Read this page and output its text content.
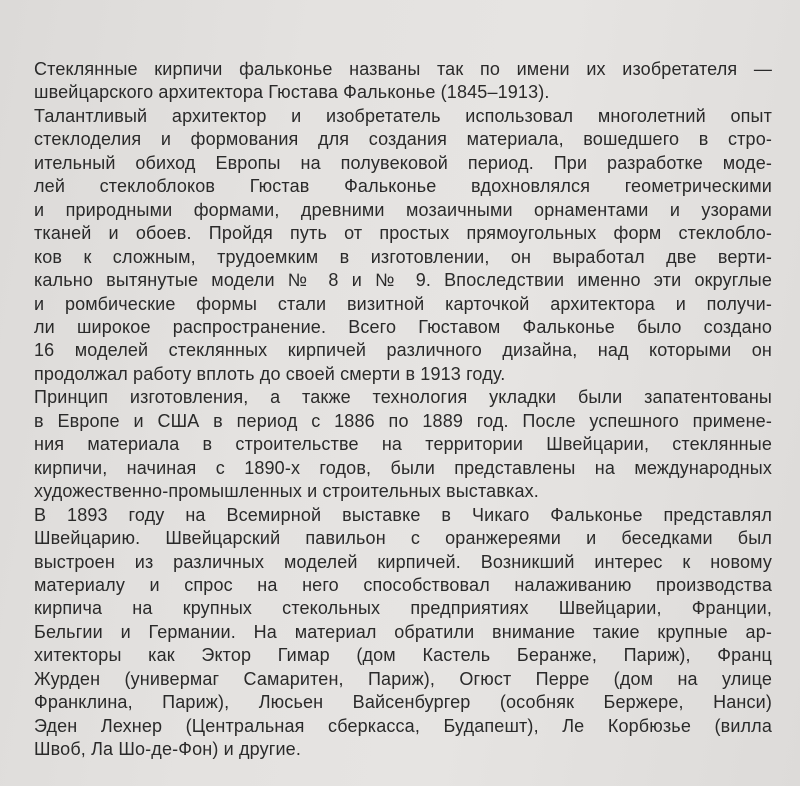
Стеклянные кирпичи фальконье названы так по имени их изобретателя —
швейцарского архитектора Гюстава Фальконье (1845–1913).
Талантливый архитектор и изобретатель использовал многолетний опыт
стеклоделия и формования для создания материала, вошедшего в стро-
ительный обиход Европы на полувековой период. При разработке моде-
лей стеклоблоков Гюстав Фальконье вдохновлялся геометрическими
и природными формами, древними мозаичными орнаментами и узорами
тканей и обоев. Пройдя путь от простых прямоугольных форм стеклобло-
ков к сложным, трудоемким в изготовлении, он выработал две верти-
кально вытянутые модели № 8 и № 9. Впоследствии именно эти округлые
и ромбические формы стали визитной карточкой архитектора и получи-
ли широкое распространение. Всего Гюставом Фальконье было создано
16 моделей стеклянных кирпичей различного дизайна, над которыми он
продолжал работу вплоть до своей смерти в 1913 году.
Принцип изготовления, а также технология укладки были запатентованы
в Европе и США в период с 1886 по 1889 год. После успешного примене-
ния материала в строительстве на территории Швейцарии, стеклянные
кирпичи, начиная с 1890-х годов, были представлены на международных
художественно-промышленных и строительных выставках.
В 1893 году на Всемирной выставке в Чикаго Фальконье представлял
Швейцарию. Швейцарский павильон с оранжереями и беседками был
выстроен из различных моделей кирпичей. Возникший интерес к новому
материалу и спрос на него способствовал налаживанию производства
кирпича на крупных стекольных предприятиях Швейцарии, Франции,
Бельгии и Германии. На материал обратили внимание такие крупные ар-
хитекторы как Эктор Гимар (дом Кастель Беранже, Париж), Франц
Журден (универмаг Самаритен, Париж), Огюст Перре (дом на улице
Франклина, Париж), Люсьен Вайсенбургер (особняк Бержере, Нанси)
Эден Лехнер (Центральная сберкасса, Будапешт), Ле Корбюзье (вилла
Швоб, Ла Шо-де-Фон) и другие.
